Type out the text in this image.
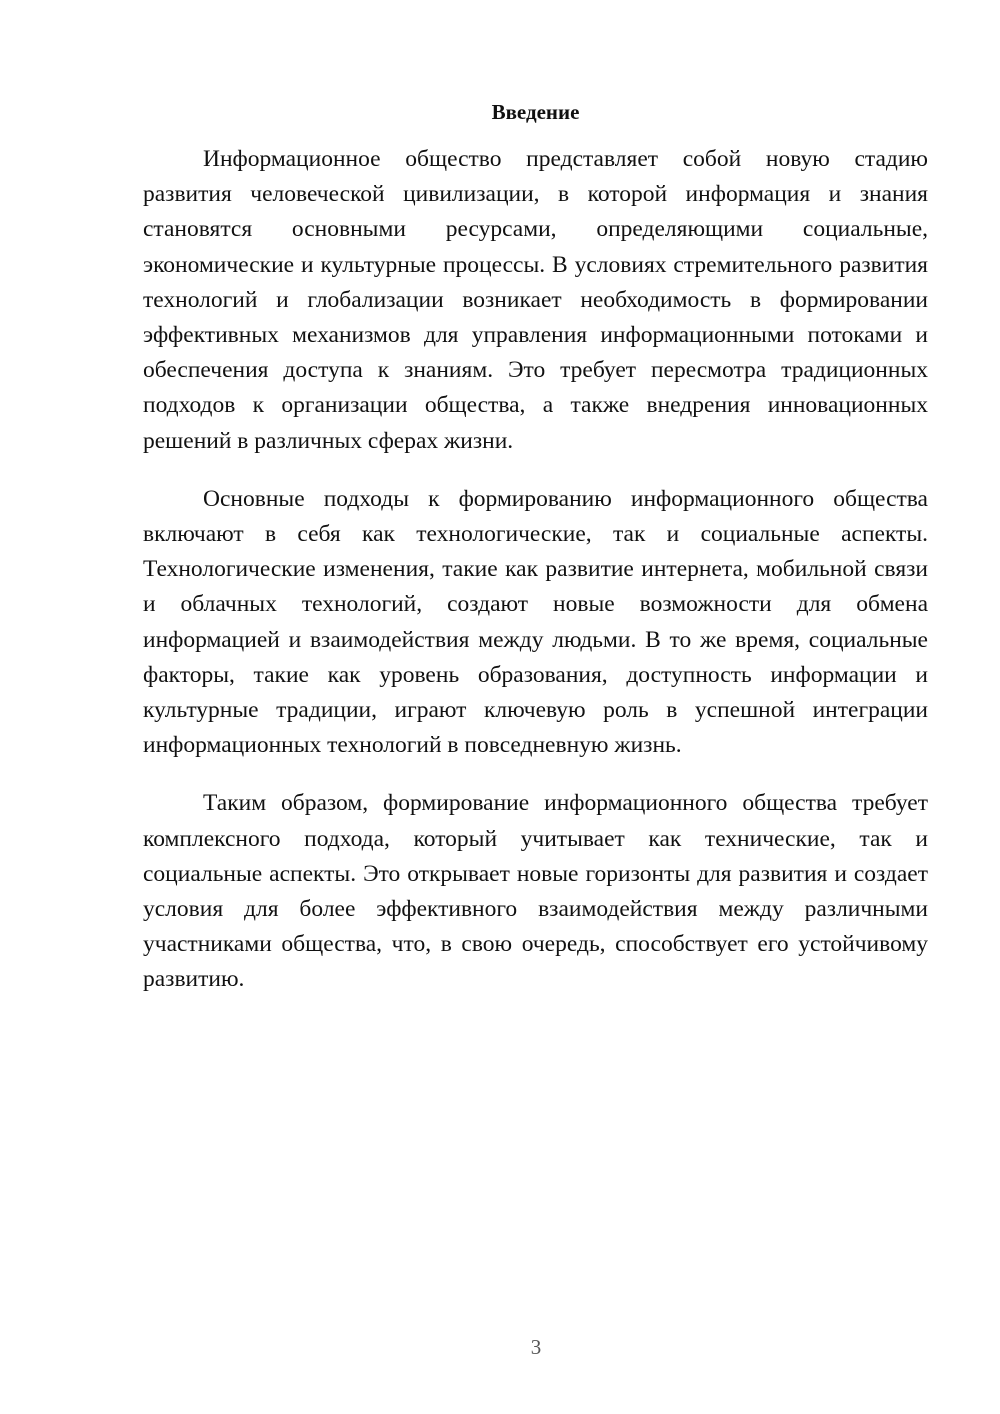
Введение

Информационное общество представляет собой новую стадию развития человеческой цивилизации, в которой информация и знания становятся основными ресурсами, определяющими социальные, экономические и культурные процессы. В условиях стремительного развития технологий и глобализации возникает необходимость в формировании эффективных механизмов для управления информационными потоками и обеспечения доступа к знаниям. Это требует пересмотра традиционных подходов к организации общества, а также внедрения инновационных решений в различных сферах жизни.

Основные подходы к формированию информационного общества включают в себя как технологические, так и социальные аспекты. Технологические изменения, такие как развитие интернета, мобильной связи и облачных технологий, создают новые возможности для обмена информацией и взаимодействия между людьми. В то же время, социальные факторы, такие как уровень образования, доступность информации и культурные традиции, играют ключевую роль в успешной интеграции информационных технологий в повседневную жизнь.

Таким образом, формирование информационного общества требует комплексного подхода, который учитывает как технические, так и социальные аспекты. Это открывает новые горизонты для развития и создает условия для более эффективного взаимодействия между различными участниками общества, что, в свою очередь, способствует его устойчивому развитию.

3
